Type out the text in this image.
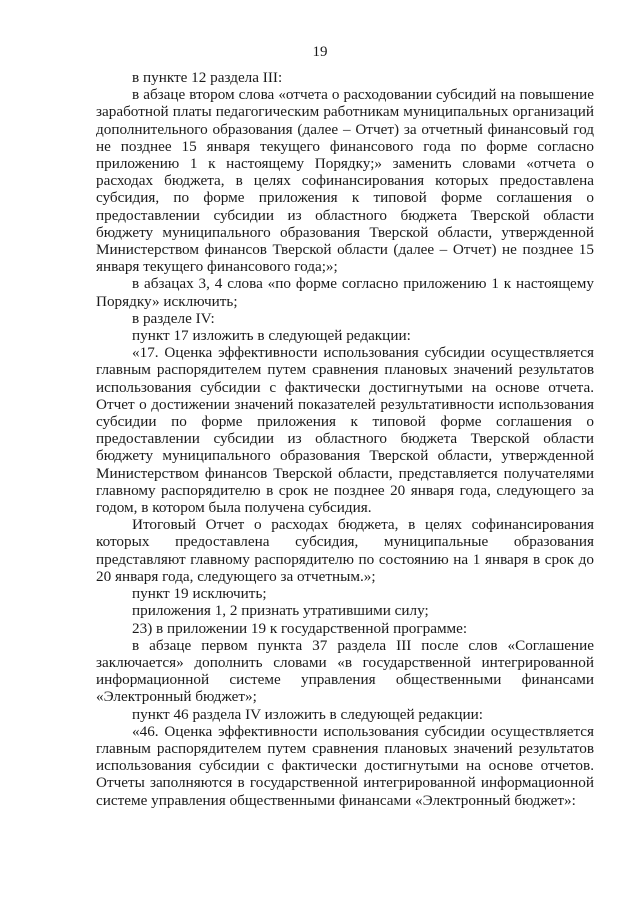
19

в пункте 12 раздела III:

в абзаце втором слова «отчета о расходовании субсидий на повышение заработной платы педагогическим работникам муниципальных организаций дополнительного образования (далее – Отчет) за отчетный финансовый год не позднее 15 января текущего финансового года по форме согласно приложению 1 к настоящему Порядку;» заменить словами «отчета о расходах бюджета, в целях софинансирования которых предоставлена субсидия, по форме приложения к типовой форме соглашения о предоставлении субсидии из областного бюджета Тверской области бюджету муниципального образования Тверской области, утвержденной Министерством финансов Тверской области (далее – Отчет) не позднее 15 января текущего финансового года;»;

в абзацах 3, 4 слова «по форме согласно приложению 1 к настоящему Порядку» исключить;

в разделе IV:

пункт 17 изложить в следующей редакции:

«17. Оценка эффективности использования субсидии осуществляется главным распорядителем путем сравнения плановых значений результатов использования субсидии с фактически достигнутыми на основе отчета. Отчет о достижении значений показателей результативности использования субсидии по форме приложения к типовой форме соглашения о предоставлении субсидии из областного бюджета Тверской области бюджету муниципального образования Тверской области, утвержденной Министерством финансов Тверской области, представляется получателями главному распорядителю в срок не позднее 20 января года, следующего за годом, в котором была получена субсидия.

Итоговый Отчет о расходах бюджета, в целях софинансирования которых предоставлена субсидия, муниципальные образования представляют главному распорядителю по состоянию на 1 января в срок до 20 января года, следующего за отчетным.»;

пункт 19 исключить;

приложения 1, 2 признать утратившими силу;

23) в приложении 19 к государственной программе:

в абзаце первом пункта 37 раздела III после слов «Соглашение заключается» дополнить словами «в государственной интегрированной информационной системе управления общественными финансами «Электронный бюджет»;

пункт 46 раздела IV изложить в следующей редакции:

«46. Оценка эффективности использования субсидии осуществляется главным распорядителем путем сравнения плановых значений результатов использования субсидии с фактически достигнутыми на основе отчетов. Отчеты заполняются в государственной интегрированной информационной системе управления общественными финансами «Электронный бюджет»:
